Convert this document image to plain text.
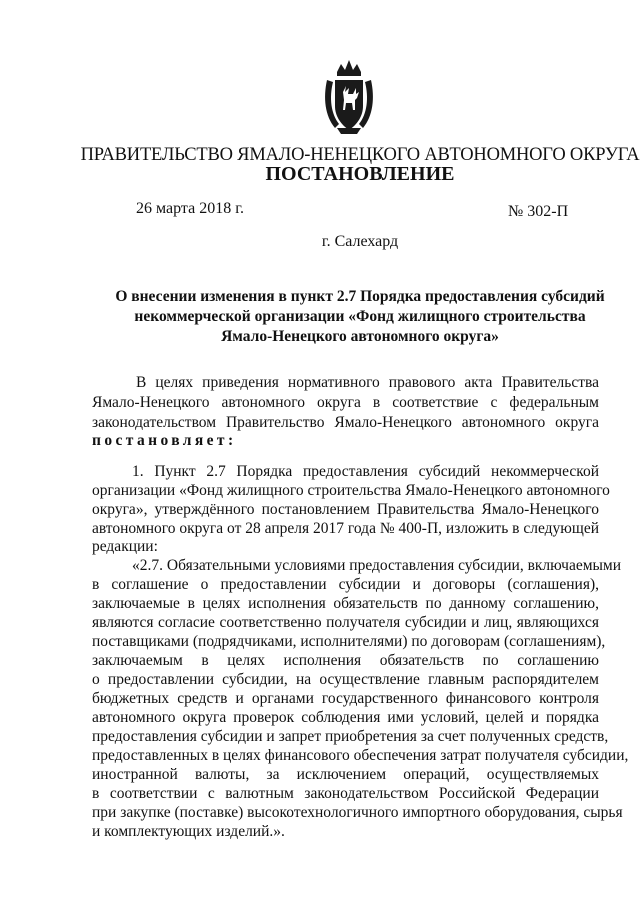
ПРАВИТЕЛЬСТВО ЯМАЛО-НЕНЕЦКОГО АВТОНОМНОГО ОКРУГА
ПОСТАНОВЛЕНИЕ
26 марта 2018 г.	№ 302-П
г. Салехард
О внесении изменения в пункт 2.7 Порядка предоставления субсидий
некоммерческой организации «Фонд жилищного строительства
Ямало-Ненецкого автономного округа»
В целях приведения нормативного правового акта Правительства
Ямало-Ненецкого автономного округа в соответствие с федеральным
законодательством Правительство Ямало-Ненецкого автономного округа
постановляет:
1. Пункт 2.7 Порядка предоставления субсидий некоммерческой
организации «Фонд жилищного строительства Ямало-Ненецкого автономного
округа», утверждённого постановлением Правительства Ямало-Ненецкого
автономного округа от 28 апреля 2017 года № 400-П, изложить в следующей
редакции:
«2.7. Обязательными условиями предоставления субсидии, включаемыми
в соглашение о предоставлении субсидии и договоры (соглашения),
заключаемые в целях исполнения обязательств по данному соглашению,
являются согласие соответственно получателя субсидии и лиц, являющихся
поставщиками (подрядчиками, исполнителями) по договорам (соглашениям),
заключаемым в целях исполнения обязательств по соглашению
о предоставлении субсидии, на осуществление главным распорядителем
бюджетных средств и органами государственного финансового контроля
автономного округа проверок соблюдения ими условий, целей и порядка
предоставления субсидии и запрет приобретения за счет полученных средств,
предоставленных в целях финансового обеспечения затрат получателя субсидии,
иностранной валюты, за исключением операций, осуществляемых
в соответствии с валютным законодательством Российской Федерации
при закупке (поставке) высокотехнологичного импортного оборудования, сырья
и комплектующих изделий.».
